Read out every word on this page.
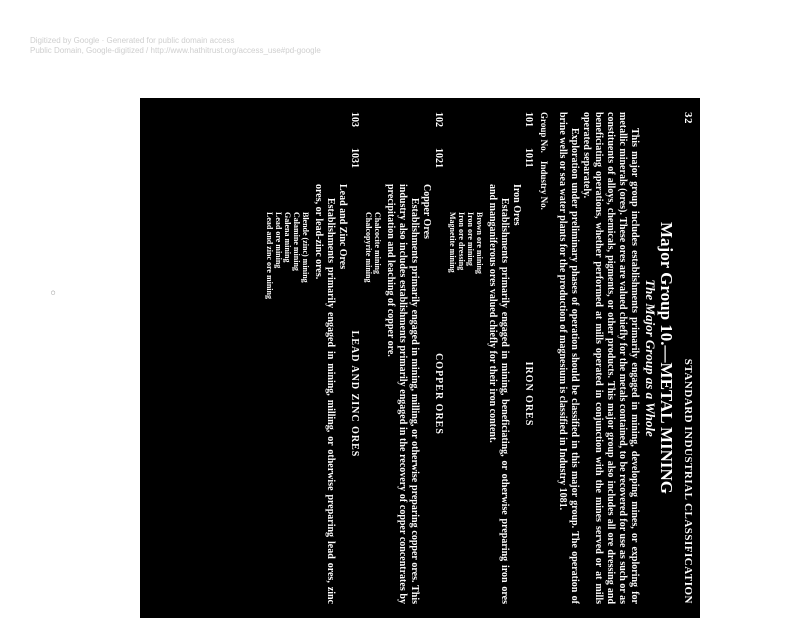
Digitized by Google · Generated for public domain access
Public Domain, Google-digitized / http://www.hathitrust.org/access_use#pd-google
◦
32
STANDARD INDUSTRIAL CLASSIFICATION
Major Group 10.—METAL MINING
The Major Group as a Whole

This major group includes establishments primarily engaged in mining, developing mines, or exploring for metallic minerals (ores). These ores are valued chiefly for the metals contained, to be recovered for use as such or as constituents of alloys, chemicals, pigments, or other products. This major group also includes all ore dressing and beneficiating operations, whether performed at mills operated in conjunction with the mines served or at mills operated separately.

Exploration under preliminary phases of operation should be classified in this major group. The operation of brine wells or sea water plants for the production of magnesium is classified in Industry 1081.

Group No.
Industry No.
101
1011
IRON ORES
Iron Ores

Establishments primarily engaged in mining, beneficiating, or otherwise preparing iron ores and manganiferous ores valued chiefly for their iron content.

Brown ore mining
Iron ore mining
Iron ore dressing
Magnetite mining
102
1021
COPPER ORES
Copper Ores

Establishments primarily engaged in mining, milling, or otherwise preparing copper ores. This industry also includes establishments primarily engaged in the recovery of copper concentrates by precipitation and leaching of copper ore.

Chalcocite mining
Chalcopyrite mining
103
1031
LEAD AND ZINC ORES
Lead and Zinc Ores

Establishments primarily engaged in mining, milling, or otherwise preparing lead ores, zinc ores, or lead-zinc ores.

Blende (zinc) mining
Calamine mining
Galena mining
Lead ore mining
Lead and zinc ore mining
